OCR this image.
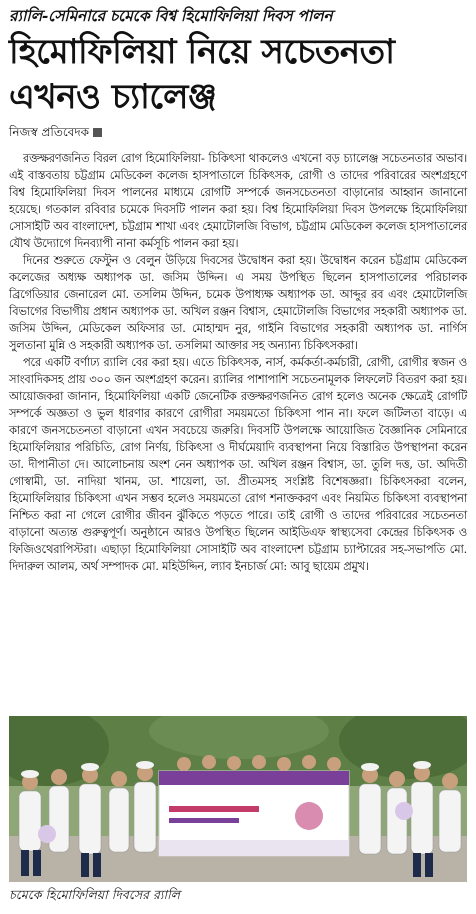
র‍্যালি-সেমিনারে চমেকে বিশ্ব হিমোফিলিয়া দিবস পালন
হিমোফিলিয়া নিয়ে সচেতনতা
এখনও চ্যালেঞ্জ
নিজস্ব প্রতিবেদক

রক্তক্ষরণজনিত বিরল রোগ হিমোফিলিয়া- চিকিৎসা থাকলেও এখনো বড় চ্যালেঞ্জ সচেতনতার অভাব। এই বাস্তবতায় চট্টগ্রাম মেডিকেল কলেজ হাসপাতালে চিকিৎসক, রোগী ও তাদের পরিবারের অংশগ্রহণে বিশ্ব হিমোফিলিয়া দিবস পালনের মাধ্যমে রোগটি সম্পর্কে জনসচেতনতা বাড়ানোর আহ্বান জানানো হয়েছে। গতকাল রবিবার চমেকে দিবসটি পালন করা হয়। বিশ্ব হিমোফিলিয়া দিবস উপলক্ষে হিমোফিলিয়া সোসাইটি অব বাংলাদেশ, চট্টগ্রাম শাখা এবং হেমাটোলজি বিভাগ, চট্টগ্রাম মেডিকেল কলেজ হাসপাতালের যৌথ উদ্যোগে দিনব্যাপী নানা কর্মসূচি পালন করা হয়।

দিনের শুরুতে ফেস্টুন ও বেলুন উড়িয়ে দিবসের উদ্বোধন করা হয়। উদ্বোধন করেন চট্টগ্রাম মেডিকেল কলেজের অধ্যক্ষ অধ্যাপক ডা. জসিম উদ্দিন। এ সময় উপস্থিত ছিলেন হাসপাতালের পরিচালক ব্রিগেডিয়ার জেনারেল মো. তসলিম উদ্দিন, চমেক উপাধ্যক্ষ অধ্যাপক ডা. আব্দুর রব এবং হেমাটোলজি বিভাগের বিভাগীয় প্রধান অধ্যাপক ডা. অখিল রঞ্জন বিশ্বাস, হেমাটোলজি বিভাগের সহকারী অধ্যাপক ডা. জসিম উদ্দিন, মেডিকেল অফিসার ডা. মোহাম্মদ নুর, গাইনি বিভাগের সহকারী অধ্যাপক ডা. নার্গিস সুলতানা মুন্নি ও সহকারী অধ্যাপক ডা. তসলিমা আক্তার সহ অন্যান্য চিকিৎসকরা।

পরে একটি বর্ণাঢ্য র‍্যালি বের করা হয়। এতে চিকিৎসক, নার্স, কর্মকর্তা-কর্মচারী, রোগী, রোগীর স্বজন ও সাংবাদিকসহ প্রায় ৩০০ জন অংশগ্রহণ করেন। র‍্যালির পাশাপাশি সচেতনামূলক লিফলেট বিতরণ করা হয়। আয়োজকরা জানান, হিমোফিলিয়া একটি জেনেটিক রক্তক্ষরণজনিত রোগ হলেও অনেক ক্ষেত্রেই রোগটি সম্পর্কে অজ্ঞতা ও ভুল ধারণার কারণে রোগীরা সময়মতো চিকিৎসা পান না। ফলে জটিলতা বাড়ে। এ কারণে জনসচেতনতা বাড়ানো এখন সবচেয়ে জরুরি। দিবসটি উপলক্ষে আয়োজিত বৈজ্ঞানিক সেমিনারে হিমোফিলিয়ার পরিচিতি, রোগ নির্ণয়, চিকিৎসা ও দীর্ঘমেয়াদি ব্যবস্থাপনা নিয়ে বিস্তারিত উপস্থাপনা করেন ডা. দীপানীতা দে। আলোচনায় অংশ নেন অধ্যাপক ডা. অখিল রঞ্জন বিশ্বাস, ডা. তুলি দত্ত, ডা. অদিতী গোস্বামী, ডা. নাদিয়া খানম, ডা. শায়েলা, ডা. প্রীতমসহ সংশ্লিষ্ট বিশেষজ্ঞরা। চিকিৎসকরা বলেন, হিমোফিলিয়ার চিকিৎসা এখন সম্ভব হলেও সময়মতো রোগ শনাক্তকরণ এবং নিয়মিত চিকিৎসা ব্যবস্থাপনা নিশ্চিত করা না গেলে রোগীর জীবন ঝুঁকিতে পড়তে পারে। তাই রোগী ও তাদের পরিবারের সচেতনতা বাড়ানো অত্যন্ত গুরুত্বপূর্ণ। অনুষ্ঠানে আরও উপস্থিত ছিলেন আইডিএফ স্বাস্থ্যসেবা কেন্দ্রের চিকিৎসক ও ফিজিওথেরাপিস্টরা। এছাড়া হিমোফিলিয়া সোসাইটি অব বাংলাদেশ চট্টগ্রাম চ্যাপ্টারের সহ-সভাপতি মো. দিদারুল আলম, অর্থ সম্পাদক মো. মহিউদ্দিন, ল্যাব ইনচার্জ মো: আবু ছায়েম প্রমুখ।

চমেকে হিমোফিলিয়া দিবসের র‍্যালি
